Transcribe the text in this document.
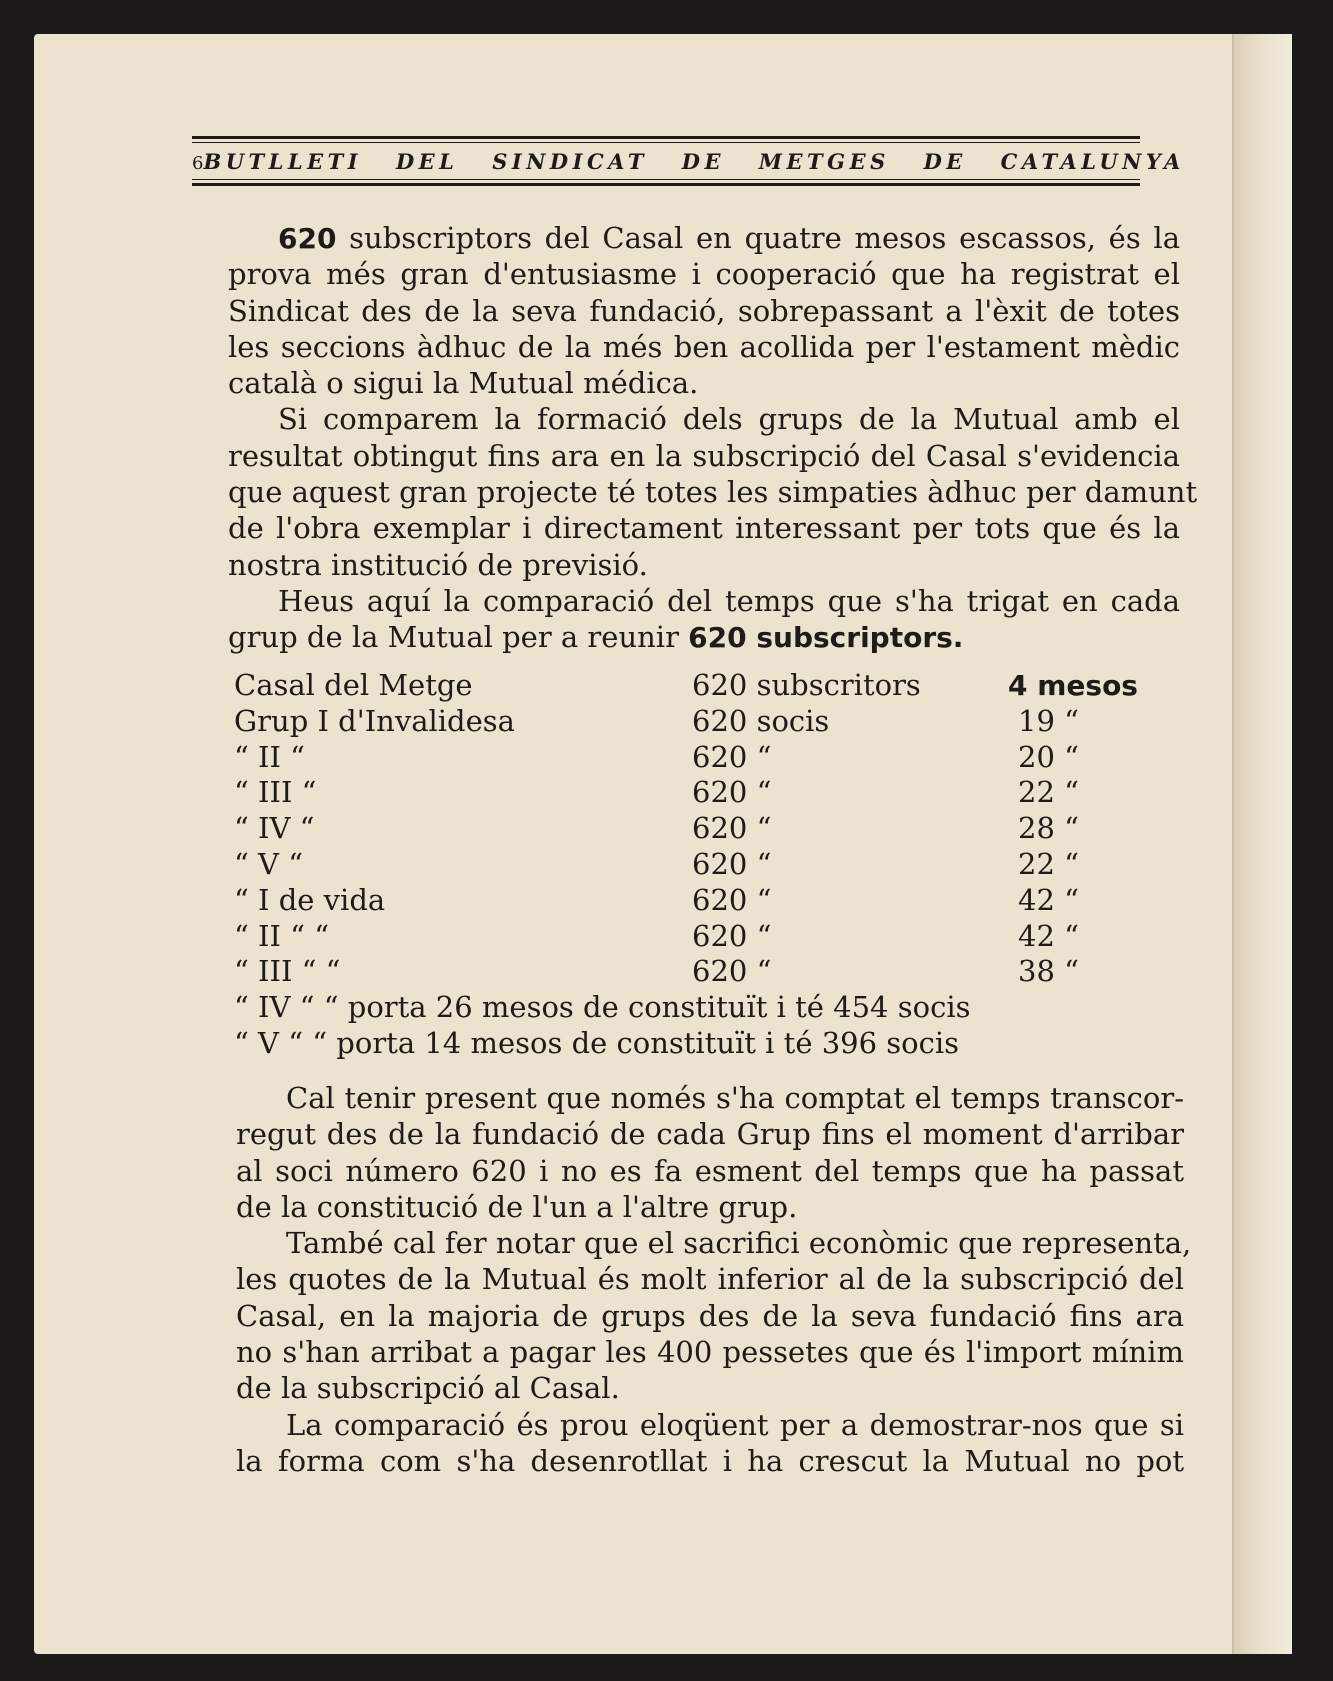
6 BUTLLETI DEL SINDICAT DE METGES DE CATALUNYA
620 subscriptors del Casal en quatre mesos escassos, és la
prova més gran d'entusiasme i cooperació que ha registrat el
Sindicat des de la seva fundació, sobrepassant a l'èxit de totes
les seccions àdhuc de la més ben acollida per l'estament mèdic
català o sigui la Mutual médica.
Si comparem la formació dels grups de la Mutual amb el
resultat obtingut fins ara en la subscripció del Casal s'evidencia
que aquest gran projecte té totes les simpaties àdhuc per damunt
de l'obra exemplar i directament interessant per tots que és la
nostra institució de previsió.
Heus aquí la comparació del temps que s'ha trigat en cada
grup de la Mutual per a reunir 620 subscriptors.
Casal del Metge	620 subscritors	4 mesos
Grup I d'Invalidesa	620 socis	19 “
“ II “	620 “	20 “
“ III “	620 “	22 “
“ IV “	620 “	28 “
“ V “	620 “	22 “
“ I de vida	620 “	42 “
“ II “ “	620 “	42 “
“ III “ “	620 “	38 “
“ IV “ “ porta 26 mesos de constituït i té 454 socis
“ V “ “ porta 14 mesos de constituït i té 396 socis
Cal tenir present que només s'ha comptat el temps transcor-
regut des de la fundació de cada Grup fins el moment d'arribar
al soci número 620 i no es fa esment del temps que ha passat
de la constitució de l'un a l'altre grup.
També cal fer notar que el sacrifici econòmic que representa,
les quotes de la Mutual és molt inferior al de la subscripció del
Casal, en la majoria de grups des de la seva fundació fins ara
no s'han arribat a pagar les 400 pessetes que és l'import mínim
de la subscripció al Casal.
La comparació és prou eloqüent per a demostrar-nos que si
la forma com s'ha desenrotllat i ha crescut la Mutual no pot
